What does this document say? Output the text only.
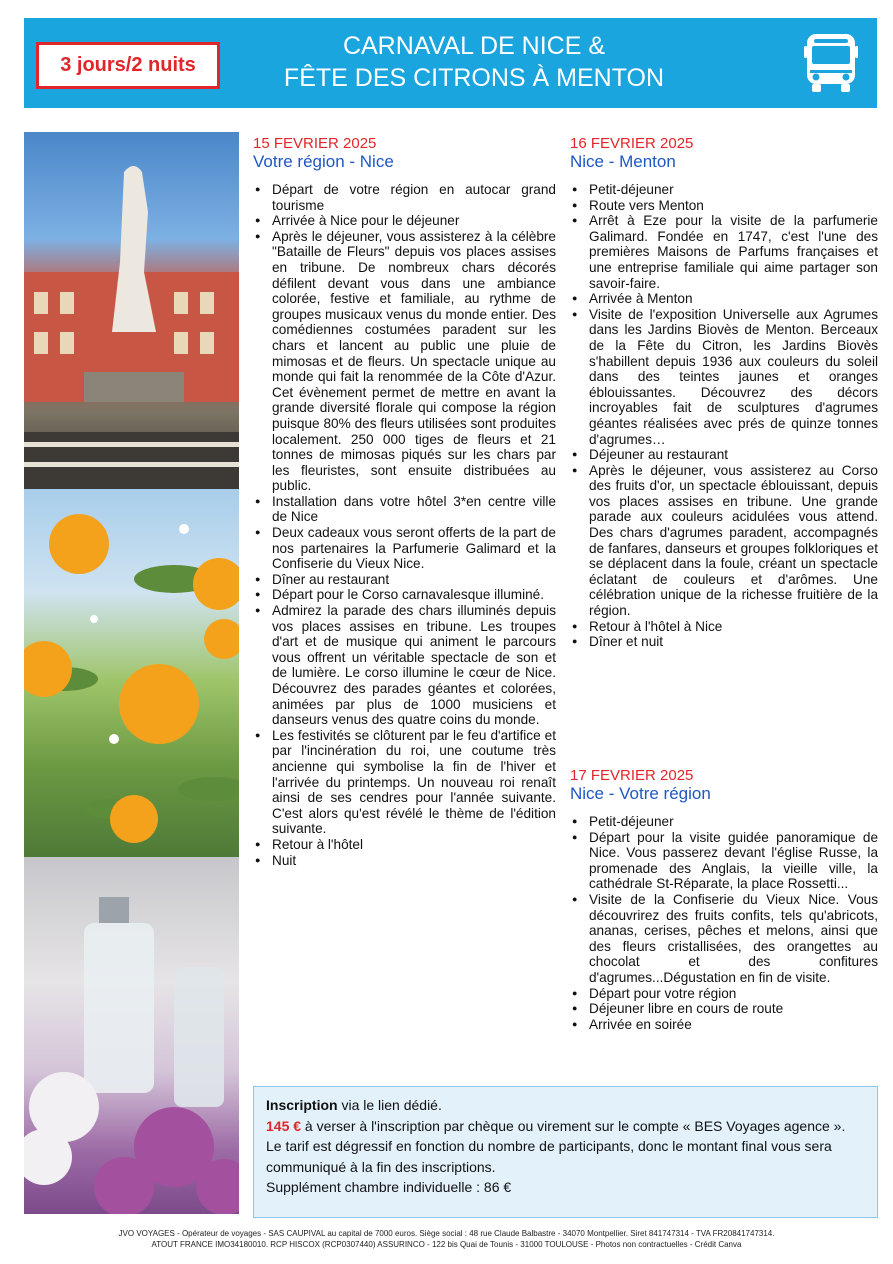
3 jours/2 nuits
CARNAVAL DE NICE &
FÊTE DES CITRONS À MENTON
15 FEVRIER 2025
Votre région - Nice
● Départ de votre région en autocar grand tourisme
● Arrivée à Nice pour le déjeuner
● Après le déjeuner, vous assisterez à la célèbre "Bataille de Fleurs" depuis vos places assises en tribune. De nombreux chars décorés défilent devant vous dans une ambiance colorée, festive et familiale, au rythme de groupes musicaux venus du monde entier. Des comédiennes costumées paradent sur les chars et lancent au public une pluie de mimosas et de fleurs. Un spectacle unique au monde qui fait la renommée de la Côte d'Azur. Cet évènement permet de mettre en avant la grande diversité florale qui compose la région puisque 80% des fleurs utilisées sont produites localement. 250 000 tiges de fleurs et 21 tonnes de mimosas piqués sur les chars par les fleuristes, sont ensuite distribuées au public.
● Installation dans votre hôtel 3*en centre ville de Nice
● Deux cadeaux vous seront offerts de la part de nos partenaires la Parfumerie Galimard et la Confiserie du Vieux Nice.
● Dîner au restaurant
● Départ pour le Corso carnavalesque illuminé.
● Admirez la parade des chars illuminés depuis vos places assises en tribune. Les troupes d'art et de musique qui animent le parcours vous offrent un véritable spectacle de son et de lumière. Le corso illumine le cœur de Nice. Découvrez des parades géantes et colorées, animées par plus de 1000 musiciens et danseurs venus des quatre coins du monde.
● Les festivités se clôturent par le feu d'artifice et par l'incinération du roi, une coutume très ancienne qui symbolise la fin de l'hiver et l'arrivée du printemps. Un nouveau roi renaît ainsi de ses cendres pour l'année suivante. C'est alors qu'est révélé le thème de l'édition suivante.
● Retour à l'hôtel
● Nuit
16 FEVRIER 2025
Nice - Menton
● Petit-déjeuner
● Route vers Menton
● Arrêt à Eze pour la visite de la parfumerie Galimard. Fondée en 1747, c'est l'une des premières Maisons de Parfums françaises et une entreprise familiale qui aime partager son savoir-faire.
● Arrivée à Menton
● Visite de l'exposition Universelle aux Agrumes dans les Jardins Biovès de Menton. Berceaux de la Fête du Citron, les Jardins Biovès s'habillent depuis 1936 aux couleurs du soleil dans des teintes jaunes et oranges éblouissantes. Découvrez des décors incroyables fait de sculptures d'agrumes géantes réalisées avec prés de quinze tonnes d'agrumes…
● Déjeuner au restaurant
● Après le déjeuner, vous assisterez au Corso des fruits d'or, un spectacle éblouissant, depuis vos places assises en tribune. Une grande parade aux couleurs acidulées vous attend. Des chars d'agrumes paradent, accompagnés de fanfares, danseurs et groupes folkloriques et se déplacent dans la foule, créant un spectacle éclatant de couleurs et d'arômes. Une célébration unique de la richesse fruitière de la région.
● Retour à l'hôtel à Nice
● Dîner et nuit
17 FEVRIER 2025
Nice - Votre région
● Petit-déjeuner
● Départ pour la visite guidée panoramique de Nice. Vous passerez devant l'église Russe, la promenade des Anglais, la vieille ville, la cathédrale St-Réparate, la place Rossetti...
● Visite de la Confiserie du Vieux Nice. Vous découvrirez des fruits confits, tels qu'abricots, ananas, cerises, pêches et melons, ainsi que des fleurs cristallisées, des orangettes au chocolat et des confitures d'agrumes...Dégustation en fin de visite.
● Départ pour votre région
● Déjeuner libre en cours de route
● Arrivée en soirée
Inscription via le lien dédié.
145 € à verser à l'inscription par chèque ou virement sur le compte « BES Voyages agence ».
Le tarif est dégressif en fonction du nombre de participants, donc le montant final vous sera communiqué à la fin des inscriptions.
Supplément chambre individuelle : 86 €
JVO VOYAGES - Opérateur de voyages - SAS CAUPIVAL au capital de 7000 euros. Siège social : 48 rue Claude Balbastre - 34070 Montpellier. Siret 841747314 - TVA FR20841747314.
ATOUT FRANCE IMO34180010. RCP HISCOX (RCP0307440) ASSURINCO - 122 bis Quai de Tounis - 31000 TOULOUSE - Photos non contractuelles - Crédit Canva
